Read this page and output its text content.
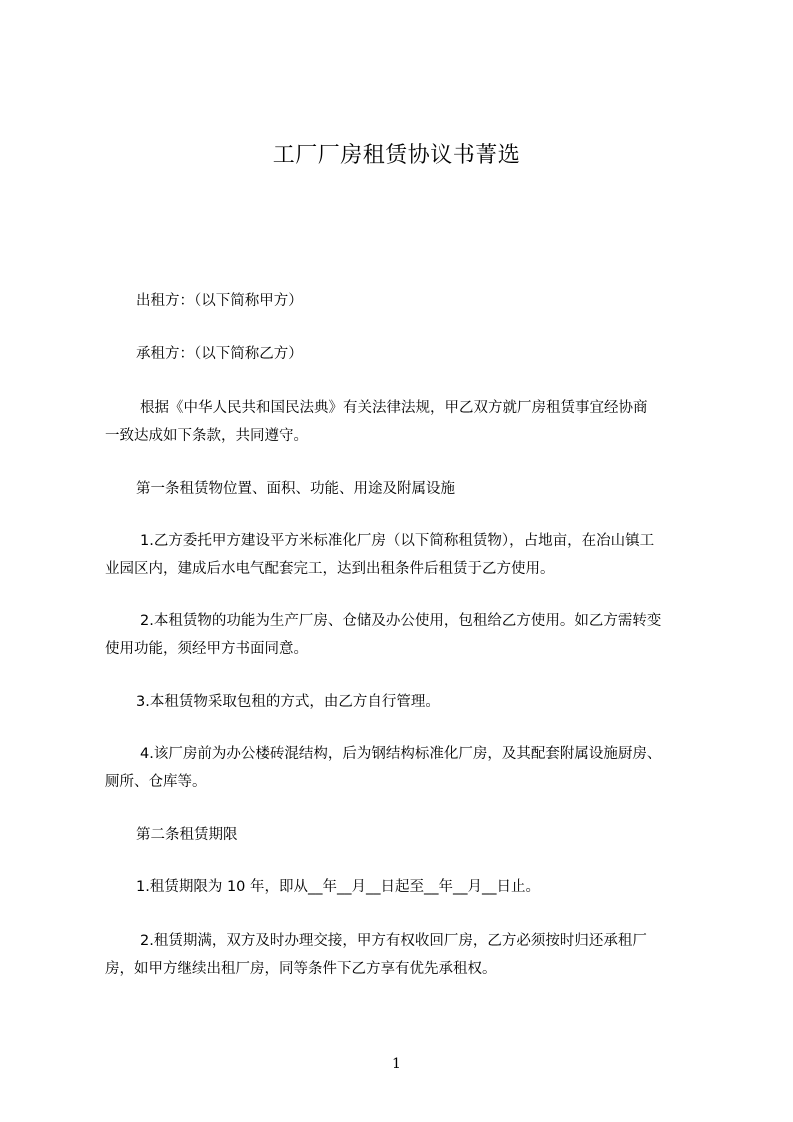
工厂厂房租赁协议书菁选
出租方：（以下简称甲方）
承租方：（以下简称乙方）
根据《中华人民共和国民法典》有关法律法规，甲乙双方就厂房租赁事宜经协商
一致达成如下条款，共同遵守。
第一条租赁物位置、面积、功能、用途及附属设施
1.乙方委托甲方建设平方米标准化厂房（以下简称租赁物），占地亩，在冶山镇工
业园区内，建成后水电气配套完工，达到出租条件后租赁于乙方使用。
2.本租赁物的功能为生产厂房、仓储及办公使用，包租给乙方使用。如乙方需转变
使用功能，须经甲方书面同意。
3.本租赁物采取包租的方式，由乙方自行管理。
4.该厂房前为办公楼砖混结构，后为钢结构标准化厂房，及其配套附属设施厨房、
厕所、仓库等。
第二条租赁期限
1.租赁期限为 10 年，即从__年__月__日起至__年__月__日止。
2.租赁期满，双方及时办理交接，甲方有权收回厂房，乙方必须按时归还承租厂
房，如甲方继续出租厂房，同等条件下乙方享有优先承租权。
1
